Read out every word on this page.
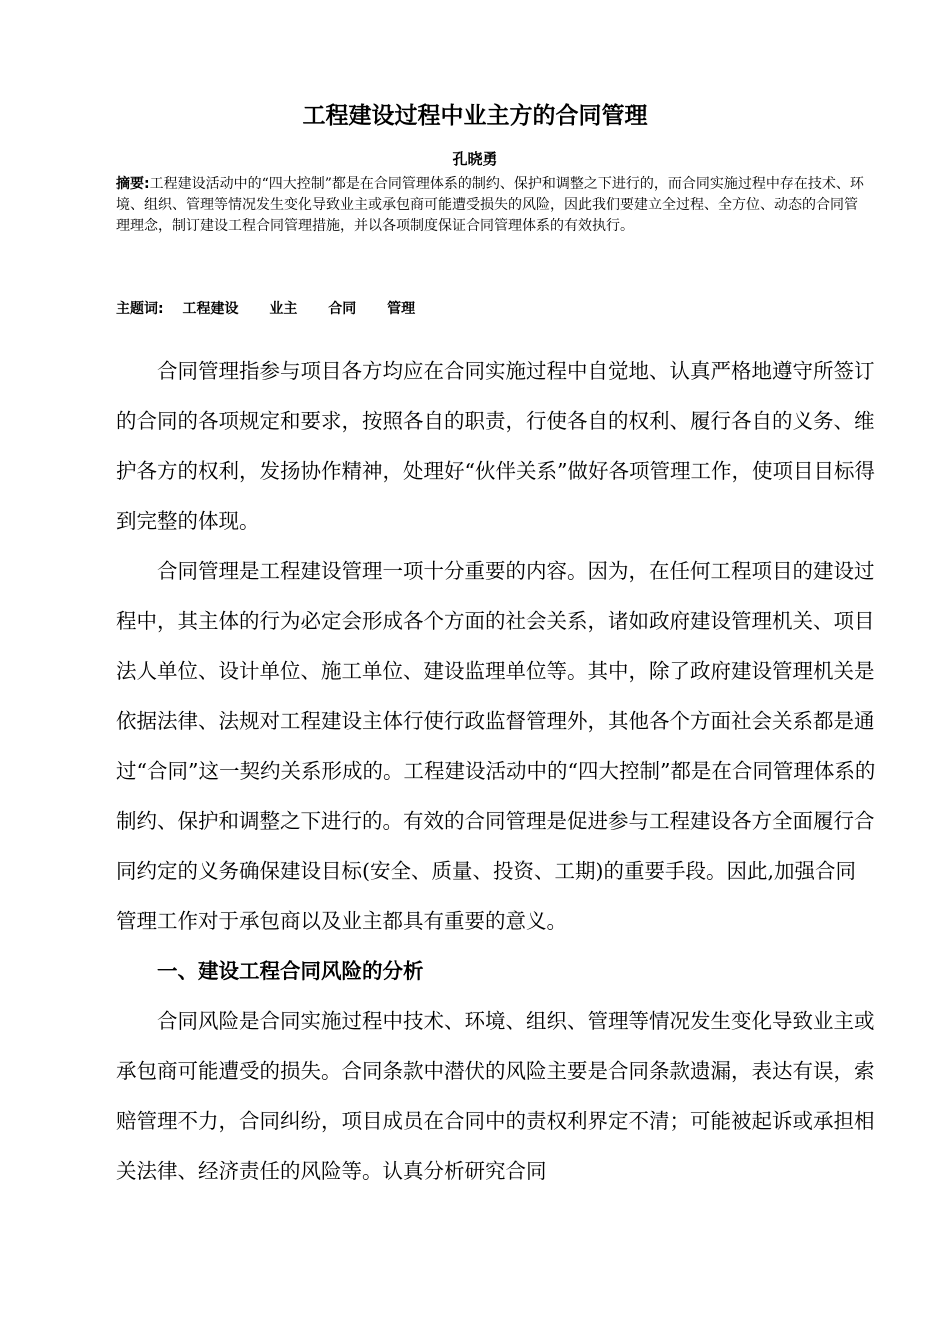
工程建设过程中业主方的合同管理
孔晓勇
摘要:工程建设活动中的“四大控制”都是在合同管理体系的制约、保护和调整之下进行的，而合同实施过程中存在技术、环境、组织、管理等情况发生变化导致业主或承包商可能遭受损失的风险，因此我们要建立全过程、全方位、动态的合同管理理念，制订建设工程合同管理措施，并以各项制度保证合同管理体系的有效执行。
主题词: 工程建设 业主 合同 管理

合同管理指参与项目各方均应在合同实施过程中自觉地、认真严格地遵守所签订的合同的各项规定和要求，按照各自的职责，行使各自的权利、履行各自的义务、维护各方的权利，发扬协作精神，处理好“伙伴关系”做好各项管理工作，使项目目标得到完整的体现。

合同管理是工程建设管理一项十分重要的内容。因为，在任何工程项目的建设过程中，其主体的行为必定会形成各个方面的社会关系，诸如政府建设管理机关、项目法人单位、设计单位、施工单位、建设监理单位等。其中，除了政府建设管理机关是依据法律、法规对工程建设主体行使行政监督管理外，其他各个方面社会关系都是通过“合同”这一契约关系形成的。工程建设活动中的“四大控制”都是在合同管理体系的制约、保护和调整之下进行的。有效的合同管理是促进参与工程建设各方全面履行合同约定的义务确保建设目标(安全、质量、投资、工期)的重要手段。因此,加强合同管理工作对于承包商以及业主都具有重要的意义。

一、建设工程合同风险的分析

合同风险是合同实施过程中技术、环境、组织、管理等情况发生变化导致业主或承包商可能遭受的损失。合同条款中潜伏的风险主要是合同条款遗漏，表达有误，索赔管理不力，合同纠纷，项目成员在合同中的责权利界定不清；可能被起诉或承担相关法律、经济责任的风险等。认真分析研究合同
